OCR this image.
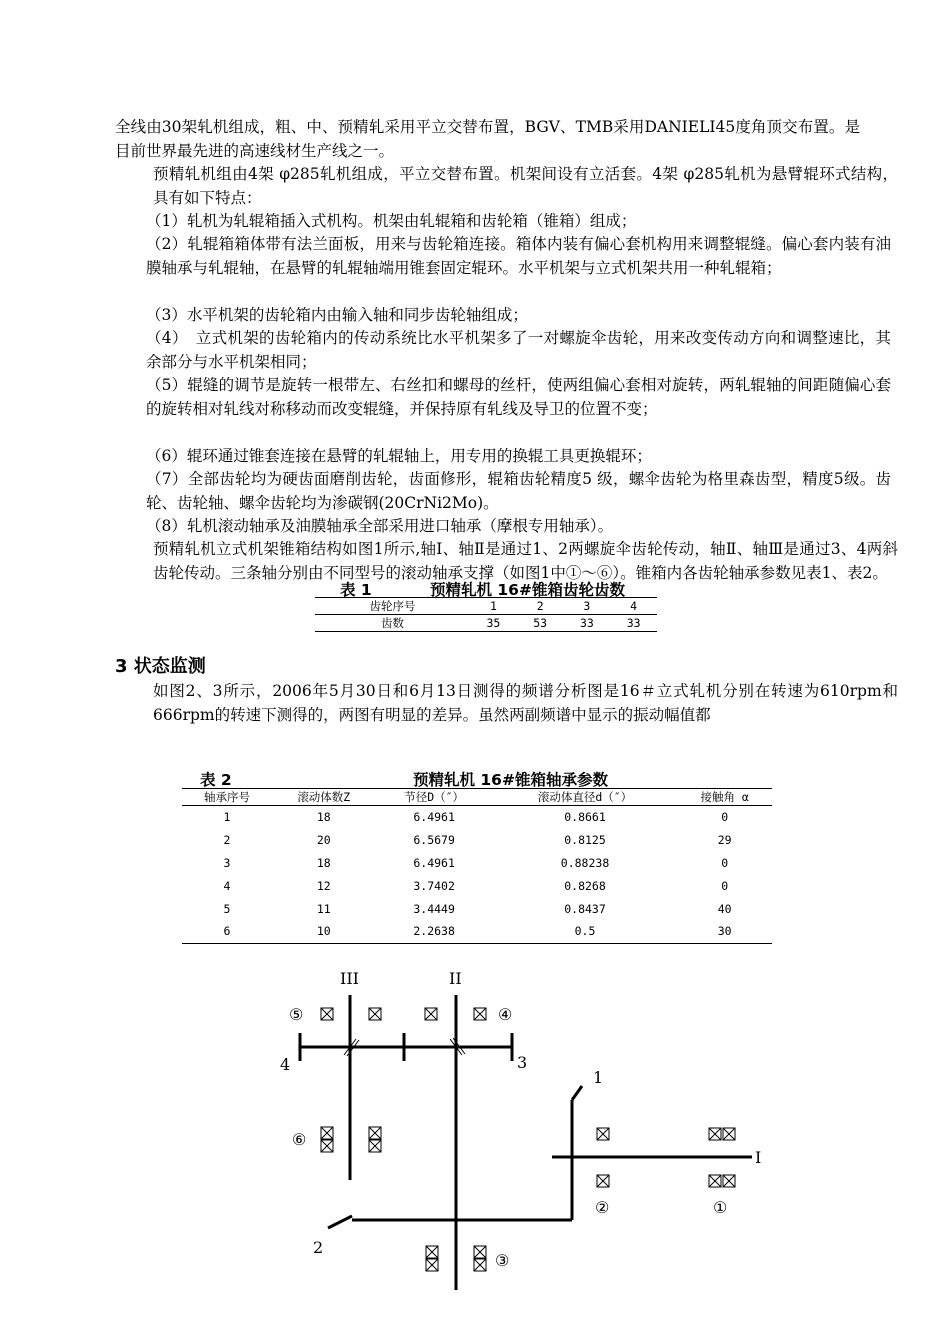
全线由30架轧机组成，粗、中、预精轧采用平立交替布置，BGV、TMB采用DANIELI45度角顶交布置。是目前世界最先进的高速线材生产线之一。

预精轧机组由4架 φ285轧机组成，平立交替布置。机架间设有立活套。4架 φ285轧机为悬臂辊环式结构，具有如下特点：

（1）轧机为轧辊箱插入式机构。机架由轧辊箱和齿轮箱（锥箱）组成；

（2）轧辊箱箱体带有法兰面板，用来与齿轮箱连接。箱体内装有偏心套机构用来调整辊缝。偏心套内装有油膜轴承与轧辊轴，在悬臂的轧辊轴端用锥套固定辊环。水平机架与立式机架共用一种轧辊箱；

（3）水平机架的齿轮箱内由输入轴和同步齿轮轴组成；

（4）　立式机架的齿轮箱内的传动系统比水平机架多了一对螺旋伞齿轮，用来改变传动方向和调整速比，其余部分与水平机架相同；

（5）辊缝的调节是旋转一根带左、右丝扣和螺母的丝杆，使两组偏心套相对旋转，两轧辊轴的间距随偏心套的旋转相对轧线对称移动而改变辊缝，并保持原有轧线及导卫的位置不变；

（6）辊环通过锥套连接在悬臂的轧辊轴上，用专用的换辊工具更换辊环；

（7）全部齿轮均为硬齿面磨削齿轮，齿面修形，辊箱齿轮精度5 级，螺伞齿轮为格里森齿型，精度5级。齿轮、齿轮轴、螺伞齿轮均为渗碳钢(20CrNi2Mo)。

（8）轧机滚动轴承及油膜轴承全部采用进口轴承（摩根专用轴承）。

预精轧机立式机架锥箱结构如图1所示,轴Ⅰ、轴Ⅱ是通过1、2两螺旋伞齿轮传动，轴Ⅱ、轴Ⅲ是通过3、4两斜齿轮传动。三条轴分别由不同型号的滚动轴承支撑（如图1中①～⑥）。锥箱内各齿轮轴承参数见表1、表2。

表 1	预精轧机 16#锥箱齿轮齿数
齿轮序号	1	2	3	4
齿数	35	53	33	33
3 状态监测

如图2、3所示，2006年5月30日和6月13日测得的频谱分析图是16＃立式轧机分别在转速为610rpm和666rpm的转速下测得的，两图有明显的差异。虽然两副频谱中显示的振动幅值都

表 2	预精轧机 16#锥箱轴承参数
轴承序号	滚动体数Z	节径D（″）	滚动体直径d（″）	接触角 α
1	18	6.4961	0.8661	0
2	20	6.5679	0.8125	29
3	18	6.4961	0.88238	0
4	12	3.7402	0.8268	0
5	11	3.4449	0.8437	40
6	10	2.2638	0.5	30
III	II
I
1
2
3
4
①
②
③
④
⑤
⑥
